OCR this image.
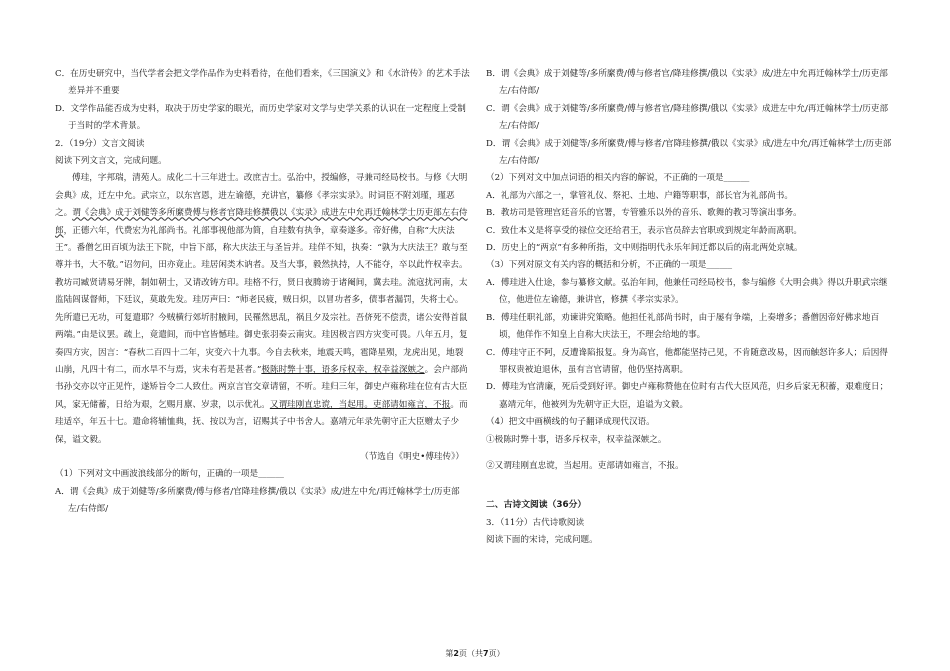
C．在历史研究中，当代学者会把文学作品作为史料看待，在他们看来，《三国演义》和《水浒传》的艺术手法差异并不重要

D．文学作品能否成为史料，取决于历史学家的眼光，而历史学家对文学与史学关系的认识在一定程度上受制于当时的学术背景。

2．（19分）文言文阅读

阅读下列文言文，完成问题。

傅珪，字邦瑞，清苑人。成化二十三年进士。改庶吉士。弘治中，授编修，寻兼司经局校书。与修《大明会典》成，迁左中允。武宗立，以东宫恩，进左谕德，充讲官，纂修《孝宗实录》。时词臣不附刘瑾，瑾恶之。谓《会典》成于刘健等多所縻费傅与修者官降珪修撰俄以《实录》成进左中允再迁翰林学士历吏部左右侍郎，正德六年，代费宏为礼部尚书。礼部事视他部为简，自珪数有执争，章奏遂多。帝好佛，自称“大庆法王”。番僧乞田百顷为法王下院，中旨下部，称大庆法王与圣旨并。珪佯不知，执奏：“孰为大庆法王？敢与至尊并书，大不敬。”诏勿问，田亦竟止。珪居闲类木讷者。及当大事，毅然执持，人不能夺，卒以此忤权幸去。教坊司臧贤请易牙牌，制如朝士，又请改铸方印。珪格不行，贤日夜腾谤于诸阉间，冀去珪。流寇扰河南，太监陆闾谋督师，下廷议，莫敢先发。珪厉声曰：“师老民疲，贼日炽，以冒功者多，债事者漏罚，失将士心。先所遣已无功，可复遣耶？今贼横行郊圻肘腋间，民罹然思乱，祸且夕及宗社。吾侪死不偿责，诸公安得首鼠两端。”由是议罢。疏上，竟遣闾，而中官皆憾珪。御史张羽奏云南灾。珪因极言四方灾变可畏。八年五月，复奏四方灾，因言：“春秋二百四十二年，灾变六十九事。今自去秋来，地震天鸣，雹降星殒，龙虎出见，地裂山崩，凡四十有二，而水旱不与焉，灾未有若是甚者。”极陈时弊十事，语多斥权幸，权幸益深嫉之。会户部尚书孙交亦以守正见忤，遂矫旨令二人致仕。两京言官交章请留，不听。珪归三年，御史卢雍称珪在位有古大臣风，家无储蓄，日给为艰，乞赐月廪、岁隶，以示优礼。又谓珪刚直忠谠，当起用。吏部请如雍言，不报。而珪适卒，年五十七。遣命将辅恤典，抚、按以为言，诏赐其子中书舍人。嘉靖元年录先朝守正大臣赠太子少保，谥文毅。

（节选自《明史•傅珪传》）

（1）下列对文中画波浪线部分的断句，正确的一项是______

A．谓《会典》成于刘健等/多所縻费/傅与修者/官降珪修撰/俄以《实录》成/进左中允/再迁翰林学士/历吏部左/右侍郎/

B．谓《会典》成于刘健等/多所縻费/傅与修者官/降珪修撰/俄以《实录》成/进左中允再迁翰林学士/历吏部左/右侍郎/

C．谓《会典》成于刘健等/多所縻费/傅与修者官/降珪修撰/俄以《实录》成进左中允/再迁翰林学士/历吏部左/右侍郎/

D．谓《会典》成于刘健等/多所縻费/傅与修者/官降珪修撰/俄以《实录》成/进左中允/再迁翰林学士/历吏部左/右侍郎/

（2）下列对文中加点词语的相关内容的解说，不正确的一项是______

A．礼部为六部之一，掌管礼仪、祭祀、土地、户籍等职事，部长官为礼部尚书。

B．教坊司是管理宫廷音乐的官署，专管雅乐以外的音乐、歌舞的教习等演出事务。

C．致仕本义是将享受的禄位交还给君王，表示官员辞去官职或到规定年龄而离职。

D．历史上的“两京”有多种所指，文中则指明代永乐年间迁都以后的南北两处京城。

（3）下列对原文有关内容的概括和分析，不正确的一项是______

A．傅珪进入仕途，参与纂修文献。弘治年间，他兼任司经局校书，参与编修《大明会典》得以升职武宗继位，他进位左谕德，兼讲官，修撰《孝宗实录》。

B．傅珪任职礼部，劝谏讲究策略。他担任礼部尚书时，由于屡有争端，上奏增多；番僧因帝好佛求地百顷，他佯作不知皇上自称大庆法王，不理会给地的事。

C．傅珪守正不阿，反遭谗陷报复。身为高官，他都能坚持己见，不肯随意改易，因而触怒许多人；后因得罪权贵被迫退休，虽有言官请留，他仍坚持离职。

D．傅珪为官清廉，死后受到好评。御史卢雍称赞他在位时有古代大臣风范，归乡后家无积蓄，艰难度日；嘉靖元年，他被列为先朝守正大臣，追谥为文毅。

（4）把文中画横线的句子翻译成现代汉语。

①极陈时弊十事，语多斥权幸，权幸益深嫉之。

②又谓珪刚直忠谠，当起用。吏部请如雍言，不报。

二、古诗文阅读（36分）

3．（11分）古代诗歌阅读

阅读下面的宋诗，完成问题。

第2页（共7页）
